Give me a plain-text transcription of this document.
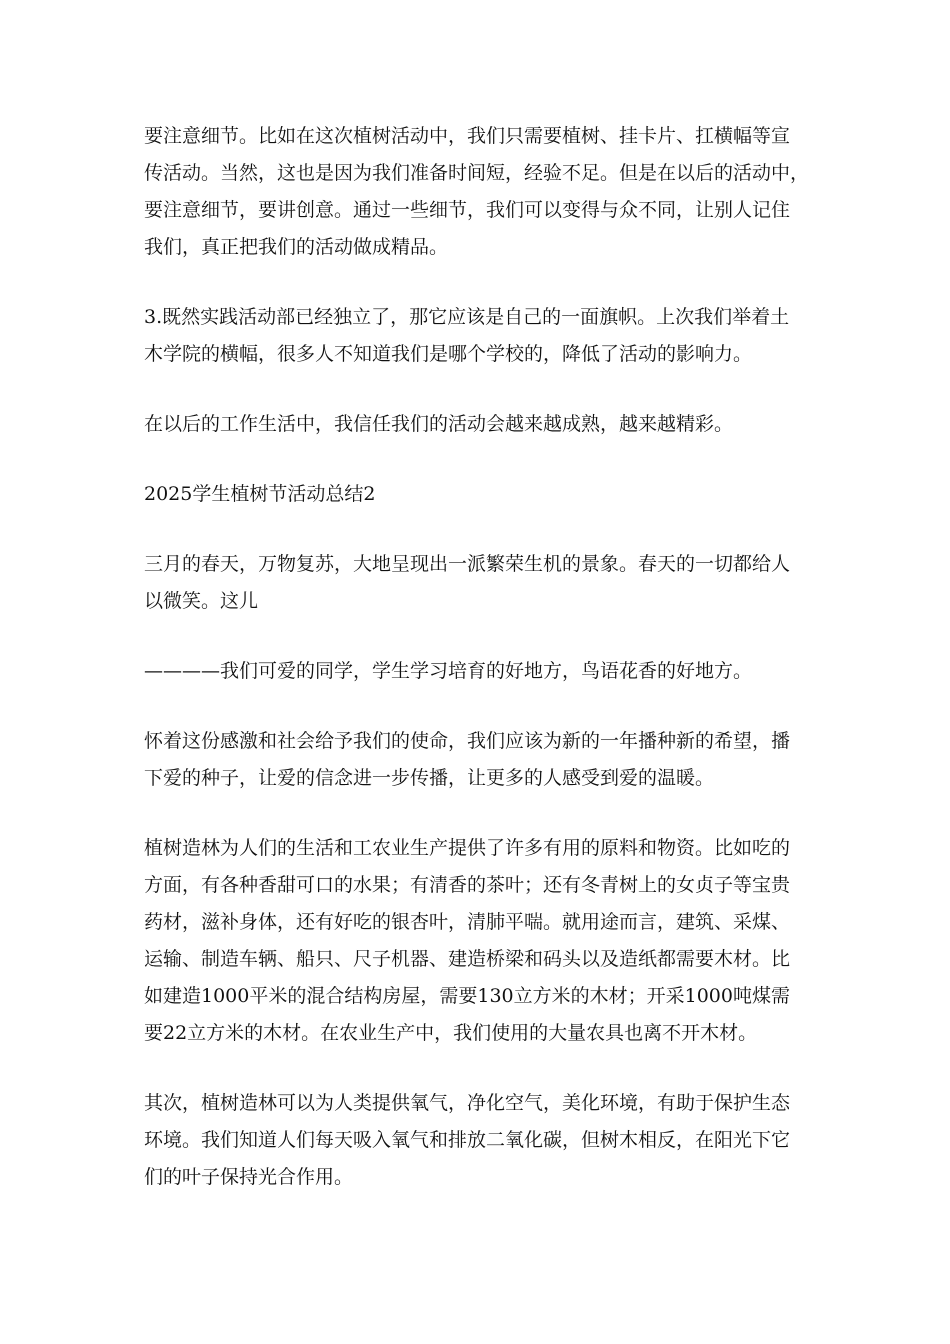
要注意细节。比如在这次植树活动中，我们只需要植树、挂卡片、扛横幅等宣
传活动。当然，这也是因为我们准备时间短，经验不足。但是在以后的活动中，
要注意细节，要讲创意。通过一些细节，我们可以变得与众不同，让别人记住
我们，真正把我们的活动做成精品。
3.既然实践活动部已经独立了，那它应该是自己的一面旗帜。上次我们举着土
木学院的横幅，很多人不知道我们是哪个学校的，降低了活动的影响力。
在以后的工作生活中，我信任我们的活动会越来越成熟，越来越精彩。
2025学生植树节活动总结2
三月的春天，万物复苏，大地呈现出一派繁荣生机的景象。春天的一切都给人
以微笑。这儿
————我们可爱的同学，学生学习培育的好地方，鸟语花香的好地方。
怀着这份感激和社会给予我们的使命，我们应该为新的一年播种新的希望，播
下爱的种子，让爱的信念进一步传播，让更多的人感受到爱的温暖。
植树造林为人们的生活和工农业生产提供了许多有用的原料和物资。比如吃的
方面，有各种香甜可口的水果；有清香的茶叶；还有冬青树上的女贞子等宝贵
药材，滋补身体，还有好吃的银杏叶，清肺平喘。就用途而言，建筑、采煤、
运输、制造车辆、船只、尺子机器、建造桥梁和码头以及造纸都需要木材。比
如建造1000平米的混合结构房屋，需要130立方米的木材；开采1000吨煤需
要22立方米的木材。在农业生产中，我们使用的大量农具也离不开木材。
其次，植树造林可以为人类提供氧气，净化空气，美化环境，有助于保护生态
环境。我们知道人们每天吸入氧气和排放二氧化碳，但树木相反，在阳光下它
们的叶子保持光合作用。
